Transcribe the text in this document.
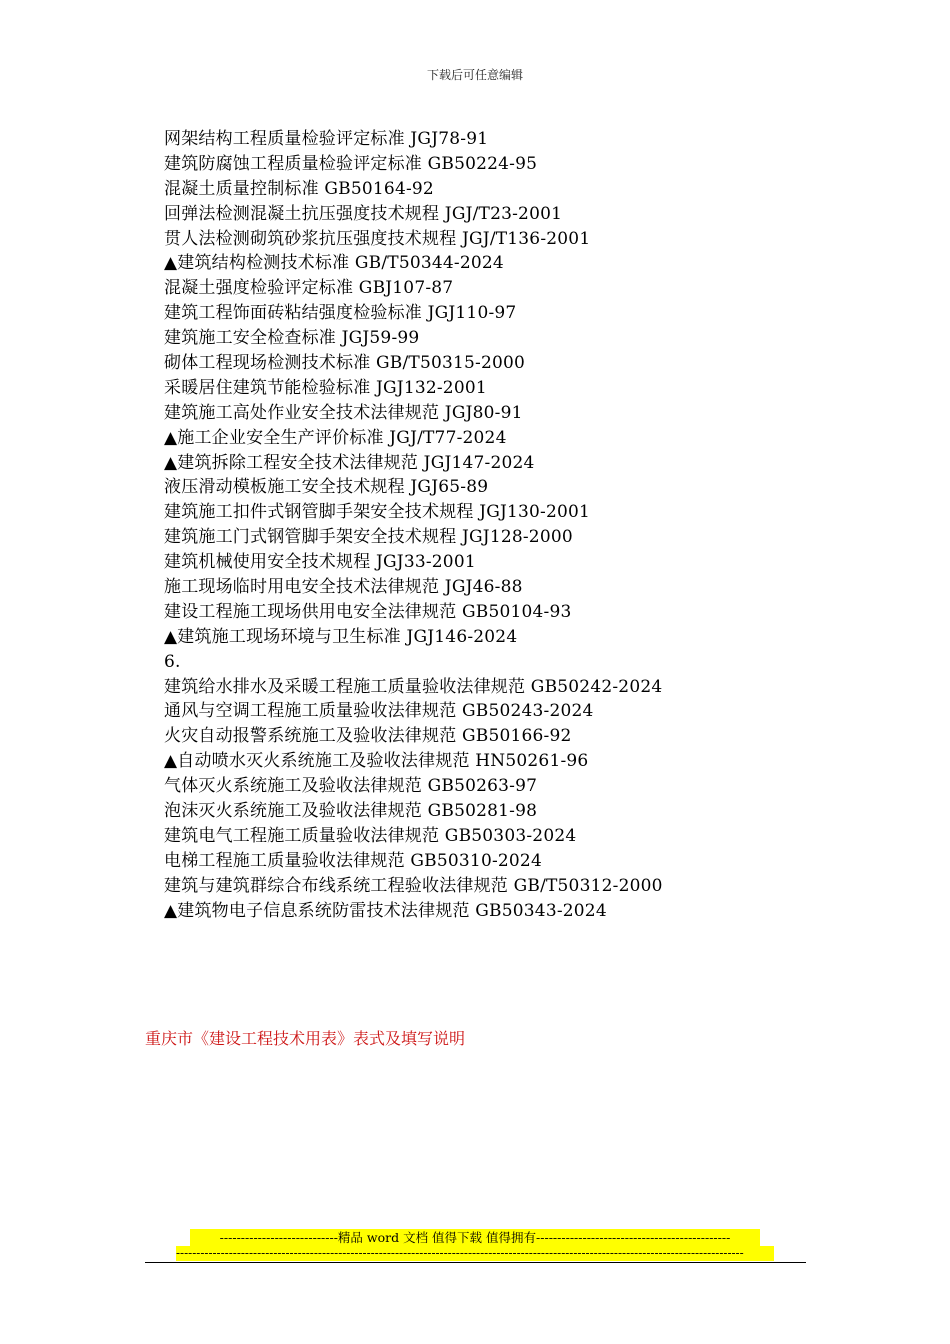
下载后可任意编辑
网架结构工程质量检验评定标准 JGJ78-91
建筑防腐蚀工程质量检验评定标准 GB50224-95
混凝土质量控制标准 GB50164-92
回弹法检测混凝土抗压强度技术规程 JGJ/T23-2001
贯人法检测砌筑砂浆抗压强度技术规程 JGJ/T136-2001
▲建筑结构检测技术标准 GB/T50344-2024
混凝土强度检验评定标准 GBJ107-87
建筑工程饰面砖粘结强度检验标准 JGJ110-97
建筑施工安全检查标准 JGJ59-99
砌体工程现场检测技术标准 GB/T50315-2000
采暖居住建筑节能检验标准 JGJ132-2001
建筑施工高处作业安全技术法律规范 JGJ80-91
▲施工企业安全生产评价标准 JGJ/T77-2024
▲建筑拆除工程安全技术法律规范 JGJ147-2024
液压滑动模板施工安全技术规程 JGJ65-89
建筑施工扣件式钢管脚手架安全技术规程 JGJ130-2001
建筑施工门式钢管脚手架安全技术规程 JGJ128-2000
建筑机械使用安全技术规程 JGJ33-2001
施工现场临时用电安全技术法律规范 JGJ46-88
建设工程施工现场供用电安全法律规范 GB50104-93
▲建筑施工现场环境与卫生标准 JGJ146-2024
6.
建筑给水排水及采暖工程施工质量验收法律规范 GB50242-2024
通风与空调工程施工质量验收法律规范 GB50243-2024
火灾自动报警系统施工及验收法律规范 GB50166-92
▲自动喷水灭火系统施工及验收法律规范 HN50261-96
气体灭火系统施工及验收法律规范 GB50263-97
泡沫灭火系统施工及验收法律规范 GB50281-98
建筑电气工程施工质量验收法律规范 GB50303-2024
电梯工程施工质量验收法律规范 GB50310-2024
建筑与建筑群综合布线系统工程验收法律规范 GB/T50312-2000
▲建筑物电子信息系统防雷技术法律规范 GB50343-2024
重庆市《建设工程技术用表》表式及填写说明
----------------------------精品 word 文档 值得下载 值得拥有----------------------------------------------
--------------------------------------------------------------------------------------------------------------------------------------------
